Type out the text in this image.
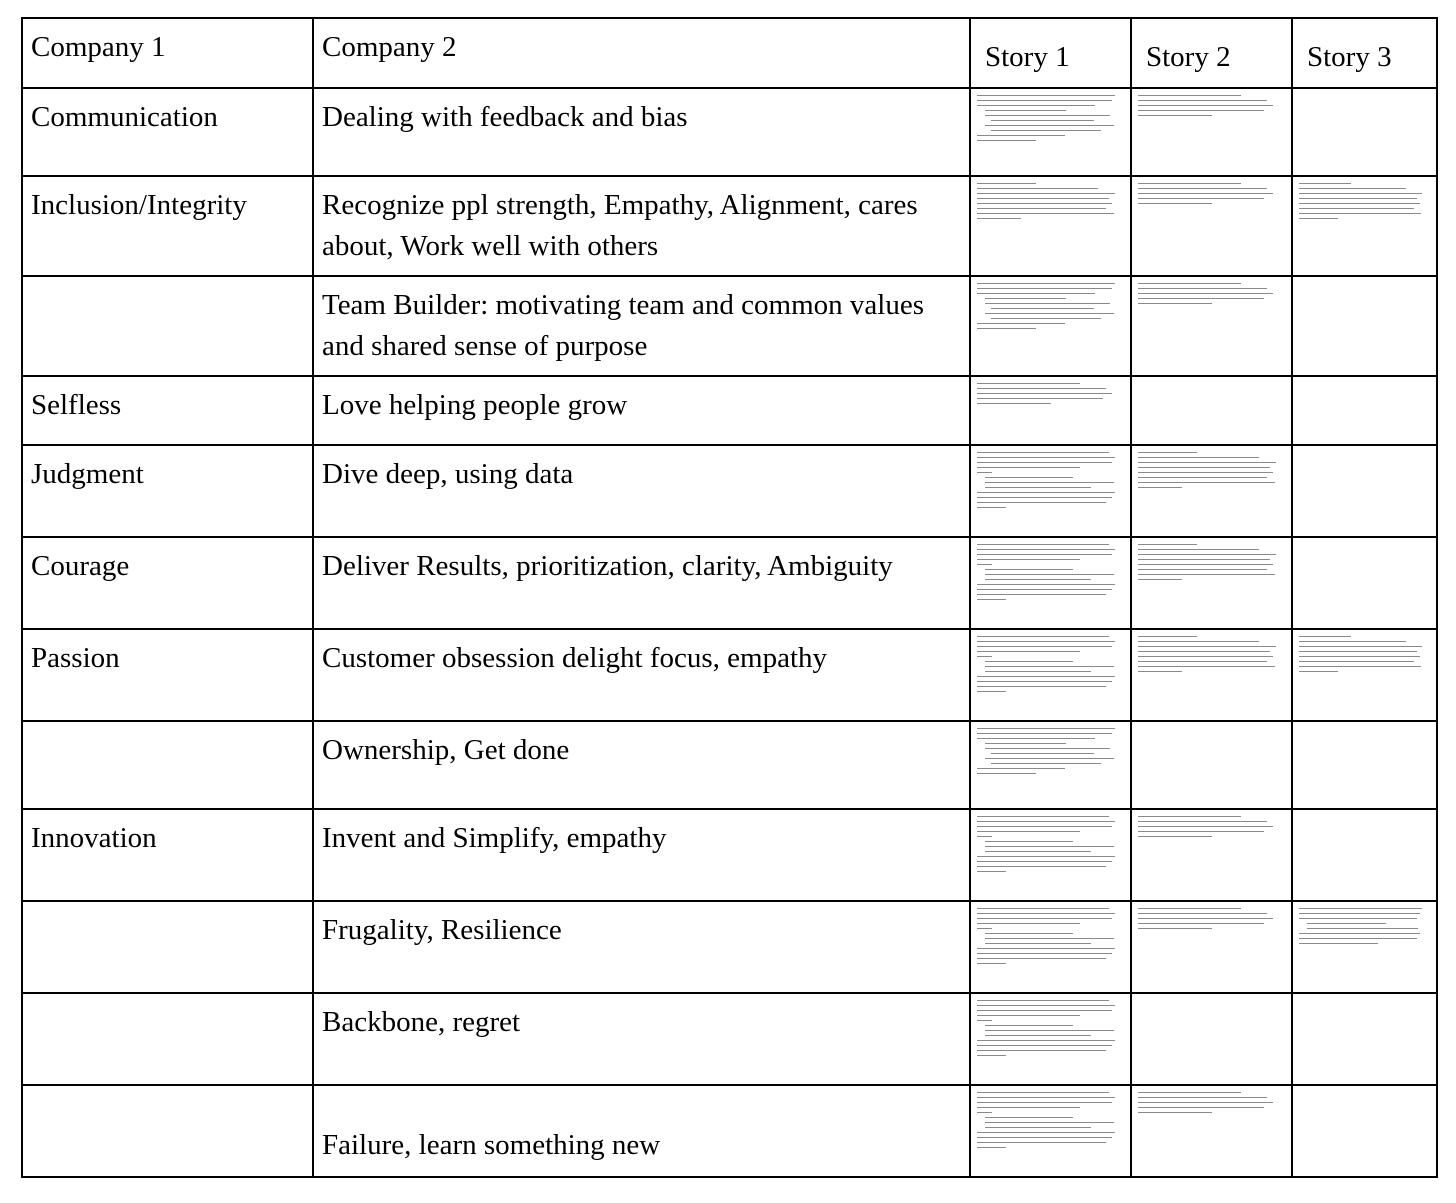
Company 1	Company 2	Story 1	Story 2	Story 3
Communication	Dealing with feedback and bias	

Inclusion/Integrity	Recognize ppl strength, Empathy, Alignment, cares about, Work well with others	

	Team Builder: motivating team and common values and shared sense of purpose	

Selfless	Love helping people grow	

Judgment	Dive deep, using data	

Courage	Deliver Results, prioritization, clarity, Ambiguity	

Passion	Customer obsession delight focus, empathy	

	Ownership, Get done	

Innovation	Invent and Simplify, empathy	

	Frugality, Resilience	

	Backbone, regret	

	Failure, learn something new	
